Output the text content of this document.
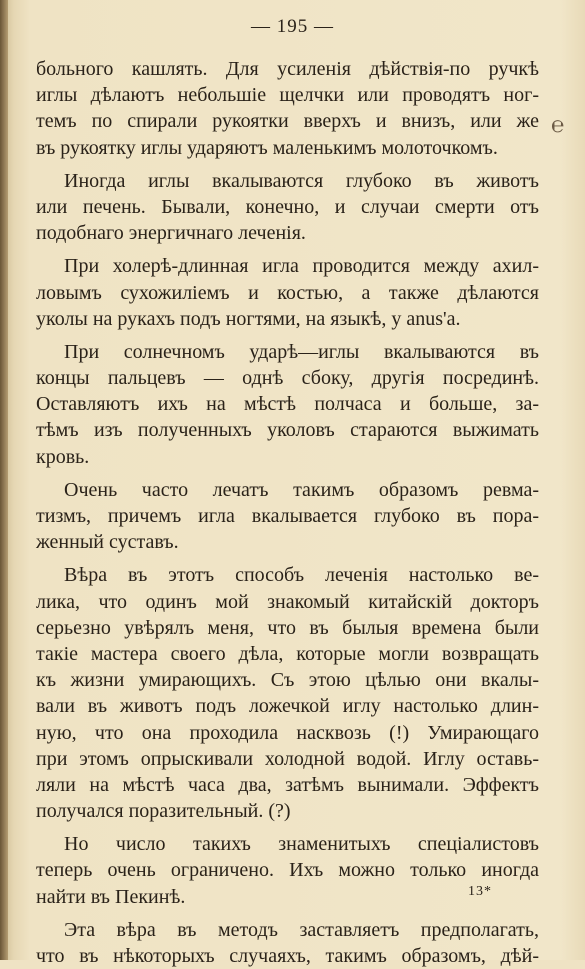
— 195 —
℮
больного кашлять. Для усиленія дѣйствія-по ручкѣ
иглы дѣлаютъ небольшіе щелчки или проводятъ ног-
темъ по спирали рукоятки вверхъ и внизъ, или же
въ рукоятку иглы ударяютъ маленькимъ молоточкомъ.
Иногда иглы вкалываются глубоко въ животъ
или печень. Бывали, конечно, и случаи смерти отъ
подобнаго энергичнаго леченія.
При холерѣ-длинная игла проводится между ахил-
ловымъ сухожиліемъ и костью, а также дѣлаются
уколы на рукахъ подъ ногтями, на языкѣ, у anus'a.
При солнечномъ ударѣ—иглы вкалываются въ
концы пальцевъ — однѣ сбоку, другія посрединѣ.
Оставляютъ ихъ на мѣстѣ полчаса и больше, за-
тѣмъ изъ полученныхъ уколовъ стараются выжимать
кровь.
Очень часто лечатъ такимъ образомъ ревма-
тизмъ, причемъ игла вкалывается глубоко въ пора-
женный суставъ.
Вѣра въ этотъ способъ леченія настолько ве-
лика, что одинъ мой знакомый китайскій докторъ
серьезно увѣрялъ меня, что въ былыя времена были
такіе мастера своего дѣла, которые могли возвращать
къ жизни умирающихъ. Съ этою цѣлью они вкалы-
вали въ животъ подъ ложечкой иглу настолько длин-
ную, что она проходила насквозь (!) Умирающаго
при этомъ опрыскивали холодной водой. Иглу оставь-
ляли на мѣстѣ часа два, затѣмъ вынимали. Эффектъ
получался поразительный. (?)
Но число такихъ знаменитыхъ спеціалистовъ
теперь очень ограничено. Ихъ можно только иногда
найти въ Пекинѣ.
Эта вѣра въ методъ заставляетъ предполагать,
что въ нѣкоторыхъ случаяхъ, такимъ образомъ, дѣй-
13*
